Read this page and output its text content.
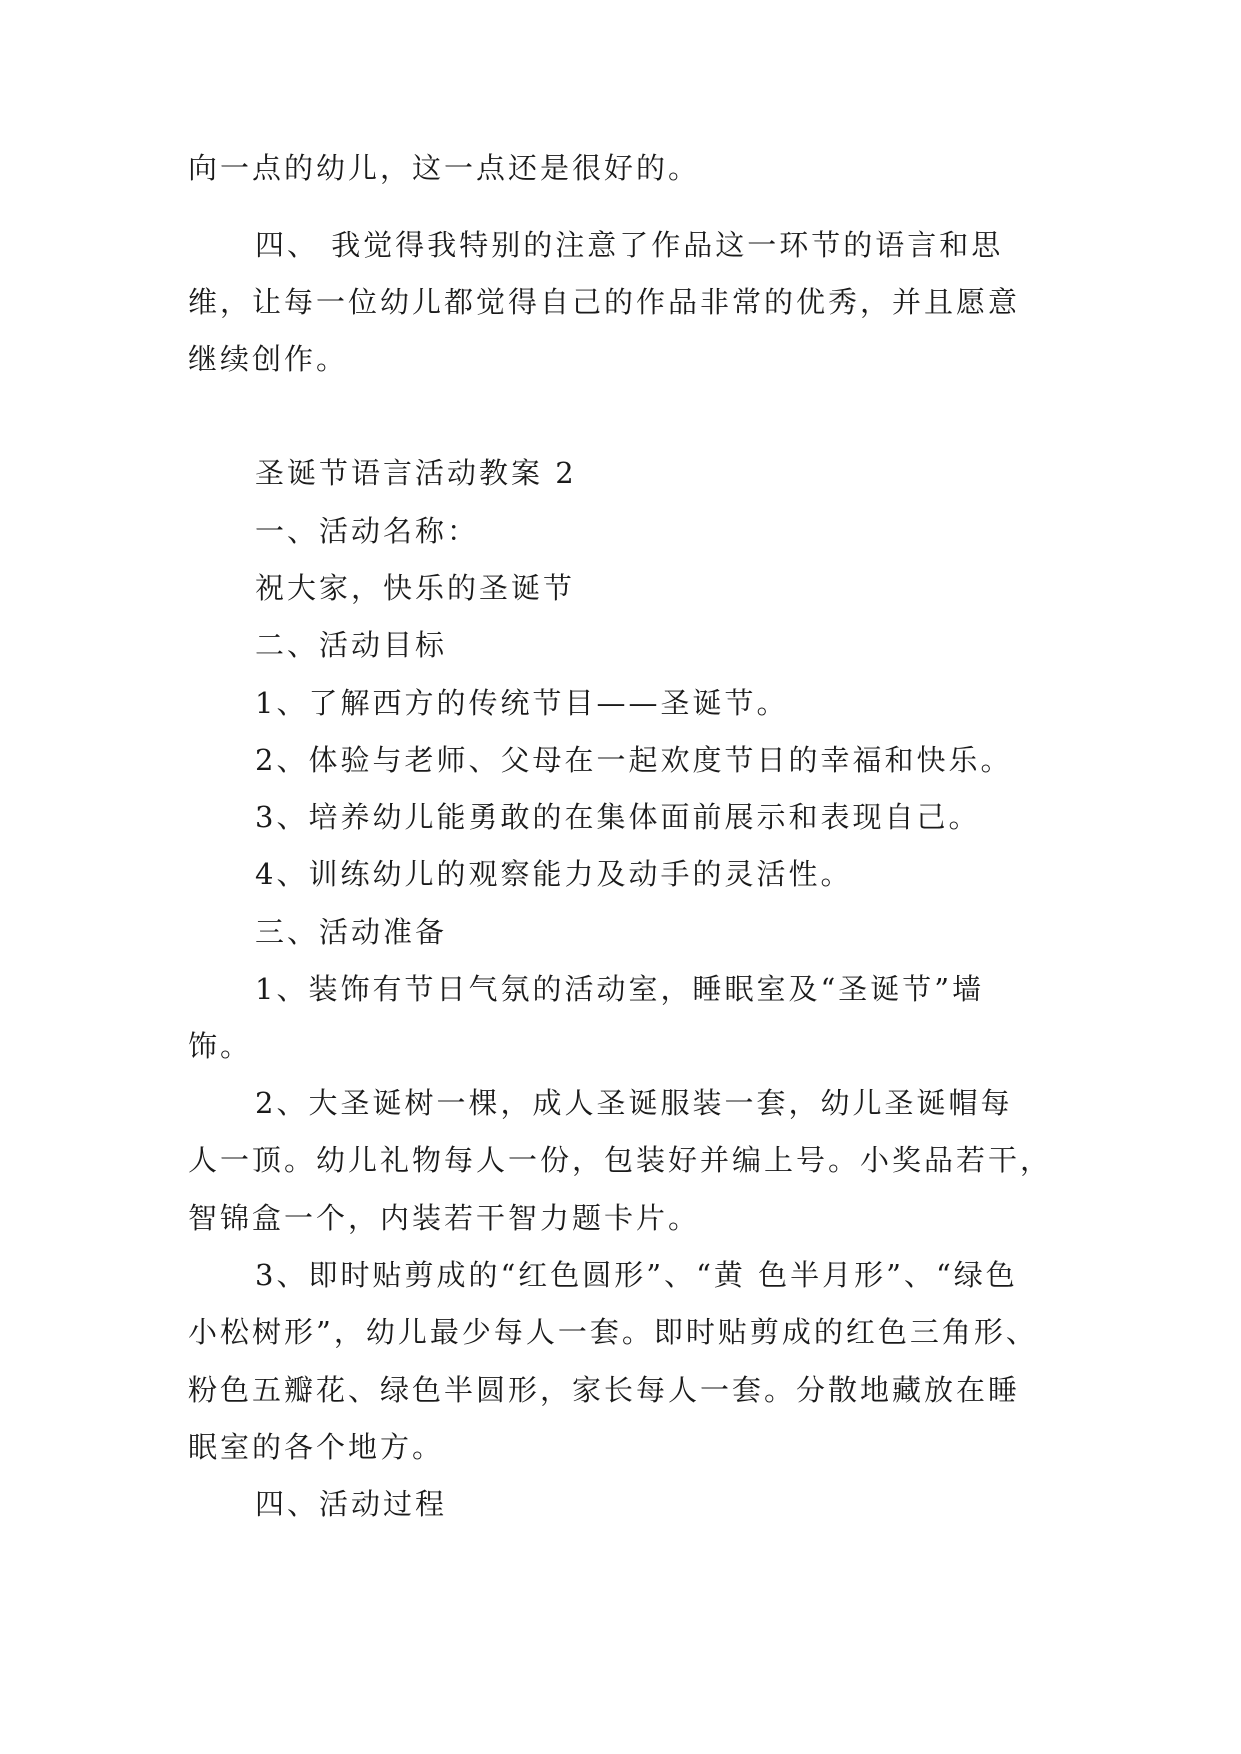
向一点的幼儿，这一点还是很好的。
四、 我觉得我特别的注意了作品这一环节的语言和思
维，让每一位幼儿都觉得自己的作品非常的优秀，并且愿意
继续创作。
圣诞节语言活动教案 2
一、活动名称：
祝大家，快乐的圣诞节
二、活动目标
1、了解西方的传统节目——圣诞节。
2、体验与老师、父母在一起欢度节日的幸福和快乐。
3、培养幼儿能勇敢的在集体面前展示和表现自己。
4、训练幼儿的观察能力及动手的灵活性。
三、活动准备
1、装饰有节日气氛的活动室，睡眠室及“圣诞节”墙
饰。
2、大圣诞树一棵，成人圣诞服装一套，幼儿圣诞帽每
人一顶。幼儿礼物每人一份，包装好并编上号。小奖品若干，
智锦盒一个，内装若干智力题卡片。
3、即时贴剪成的“红色圆形”、“黄 色半月形”、“绿色
小松树形”，幼儿最少每人一套。即时贴剪成的红色三角形、
粉色五瓣花、绿色半圆形，家长每人一套。分散地藏放在睡
眠室的各个地方。
四、活动过程
